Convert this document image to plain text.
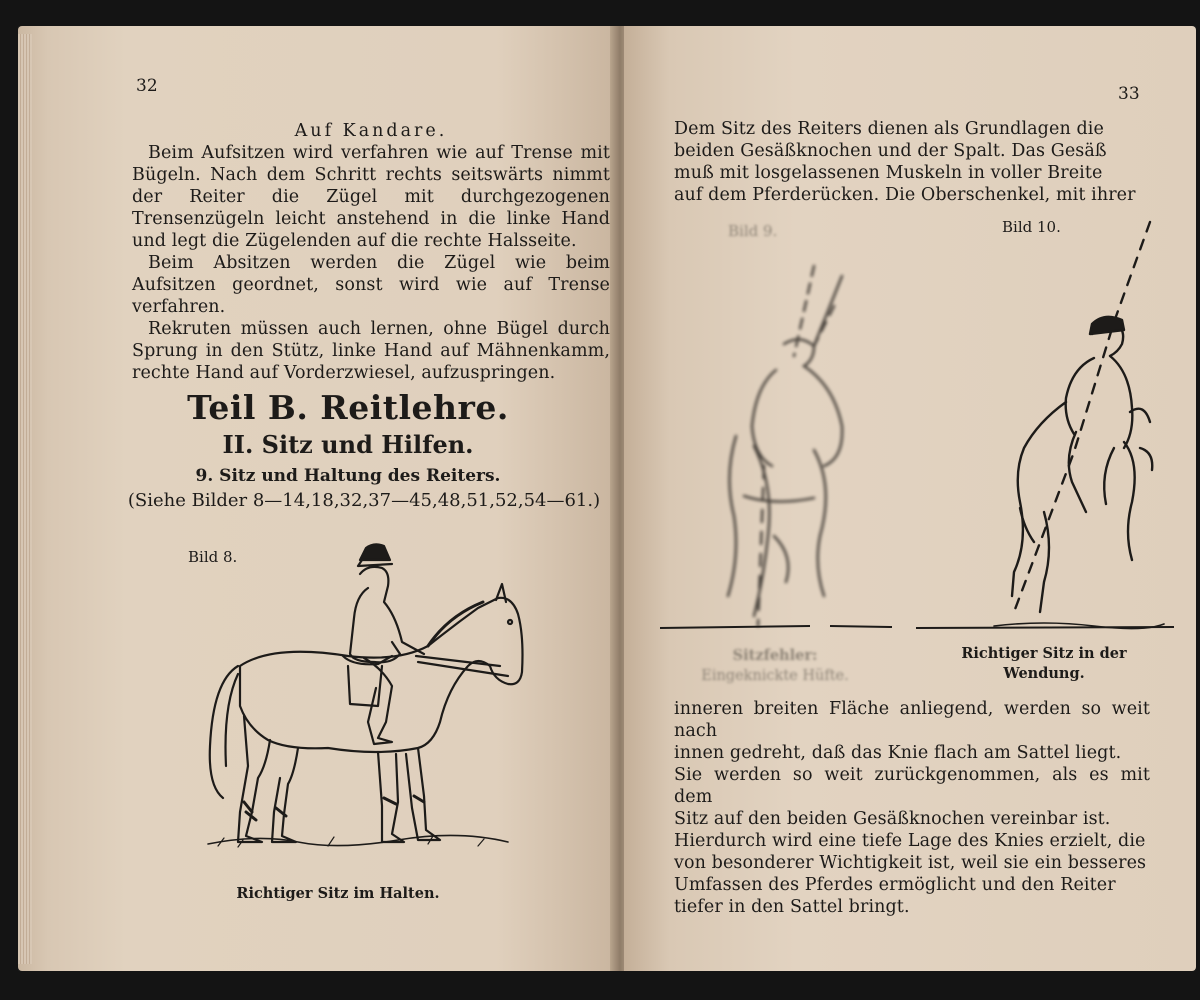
32

Auf Kandare.

Beim Aufsitzen wird verfahren wie auf Trense mit Bügeln. Nach dem Schritt rechts seitswärts nimmt der Reiter die Zügel mit durchgezogenen Trensenzügeln leicht anstehend in die linke Hand und legt die Zügelenden auf die rechte Halsseite.

Beim Absitzen werden die Zügel wie beim Aufsitzen geordnet, sonst wird wie auf Trense verfahren.

Rekruten müssen auch lernen, ohne Bügel durch Sprung in den Stütz, linke Hand auf Mähnenkamm, rechte Hand auf Vorderzwiesel, aufzuspringen.

Teil B. Reitlehre.
II. Sitz und Hilfen.
9. Sitz und Haltung des Reiters.
(Siehe Bilder 8—14,18,32,37—45,48,51,52,54—61.)
Bild 8.
Richtiger Sitz im Halten.
33

Dem Sitz des Reiters dienen als Grundlagen die

beiden Gesäßknochen und der Spalt. Das Gesäß

muß mit losgelassenen Muskeln in voller Breite

auf dem Pferderücken. Die Oberschenkel, mit ihrer

Bild 9.	Bild 10.
Sitzfehler:
Eingeknickte Hüfte.
Richtiger Sitz in der
Wendung.

inneren breiten Fläche anliegend, werden so weit nach

innen gedreht, daß das Knie flach am Sattel liegt.

Sie werden so weit zurückgenommen, als es mit dem

Sitz auf den beiden Gesäßknochen vereinbar ist.

Hierdurch wird eine tiefe Lage des Knies erzielt, die

von besonderer Wichtigkeit ist, weil sie ein besseres

Umfassen des Pferdes ermöglicht und den Reiter

tiefer in den Sattel bringt.
